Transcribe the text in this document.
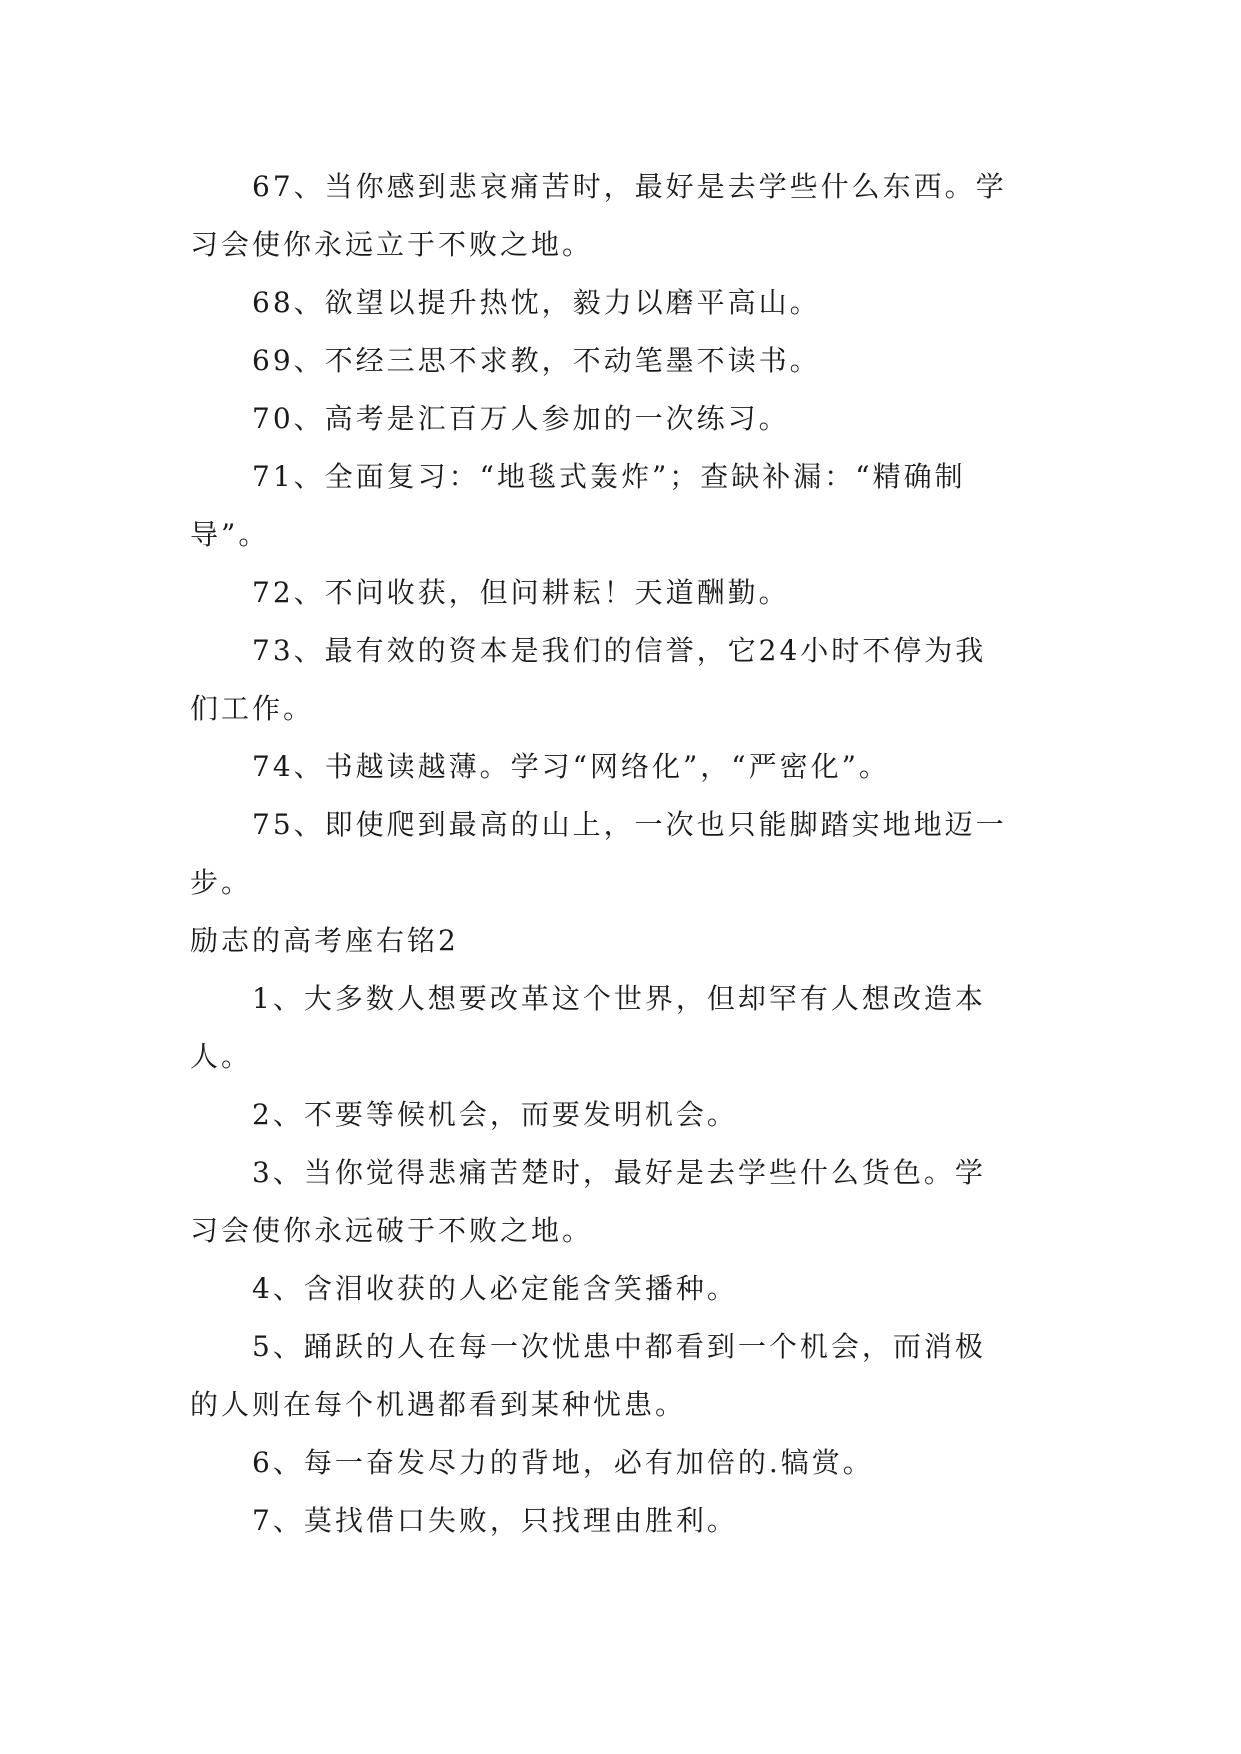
67、当你感到悲哀痛苦时，最好是去学些什么东西。学
习会使你永远立于不败之地。

68、欲望以提升热忱，毅力以磨平高山。

69、不经三思不求教，不动笔墨不读书。

70、高考是汇百万人参加的一次练习。

71、全面复习：“地毯式轰炸”；查缺补漏：“精确制
导”。

72、不问收获，但问耕耘！天道酬勤。

73、最有效的资本是我们的信誉，它24小时不停为我
们工作。

74、书越读越薄。学习“网络化”，“严密化”。

75、即使爬到最高的山上，一次也只能脚踏实地地迈一
步。

励志的高考座右铭2

1、大多数人想要改革这个世界，但却罕有人想改造本
人。

2、不要等候机会，而要发明机会。

3、当你觉得悲痛苦楚时，最好是去学些什么货色。学
习会使你永远破于不败之地。

4、含泪收获的人必定能含笑播种。

5、踊跃的人在每一次忧患中都看到一个机会，而消极
的人则在每个机遇都看到某种忧患。

6、每一奋发尽力的背地，必有加倍的.犒赏。

7、莫找借口失败，只找理由胜利。
